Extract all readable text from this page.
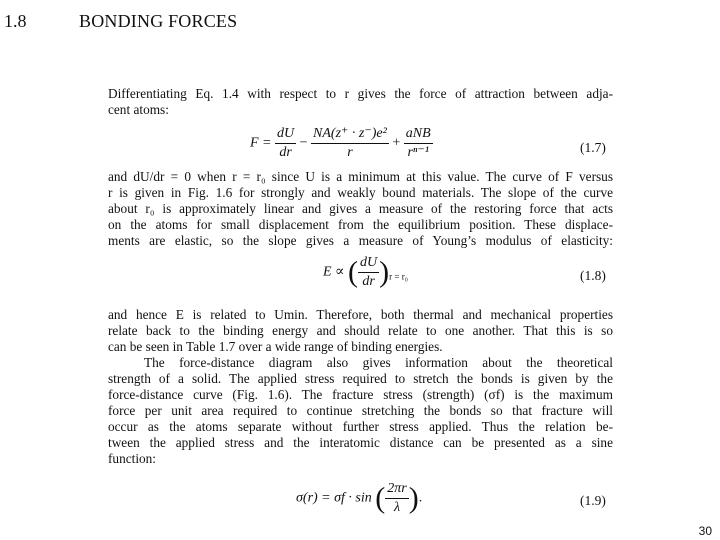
1.8	BONDING FORCES
Differentiating Eq. 1.4 with respect to r gives the force of attraction between adja-
cent atoms:
$F = \frac{dU}{dr} - \frac{\text{NA(z⁺ · z⁻)e²}}{r} + \frac{\text{aNB}}{\text{rⁿ⁻¹}}$	(1.7)
and dU/dr = 0 when r = r₀ since U is a minimum at this value. The curve of F versus
r is given in Fig. 1.6 for strongly and weakly bound materials. The slope of the curve
about r₀ is approximately linear and gives a measure of the restoring force that acts
on the atoms for small displacement from the equilibrium position. These displace-
ments are elastic, so the slope gives a measure of Young’s modulus of elasticity:
E ∝ ( $\frac{dU}{dr} )_{r = r_0}$	(1.8)
and hence E is related to Umin. Therefore, both thermal and mechanical properties
relate back to the binding energy and should relate to one another. That this is so
can be seen in Table 1.7 over a wide range of binding energies.
The force-distance diagram also gives information about the theoretical
strength of a solid. The applied stress required to stretch the bonds is given by the
force-distance curve (Fig. 1.6). The fracture stress (strength) (σf) is the maximum
force per unit area required to continue stretching the bonds so that fracture will
occur as the atoms separate without further stress applied. Thus the relation be-
tween the applied stress and the interatomic distance can be presented as a sine
function:
σ(r) = σf · sin ( $\frac{2\pi r}{\lambda}$ ).	(1.9)
30
